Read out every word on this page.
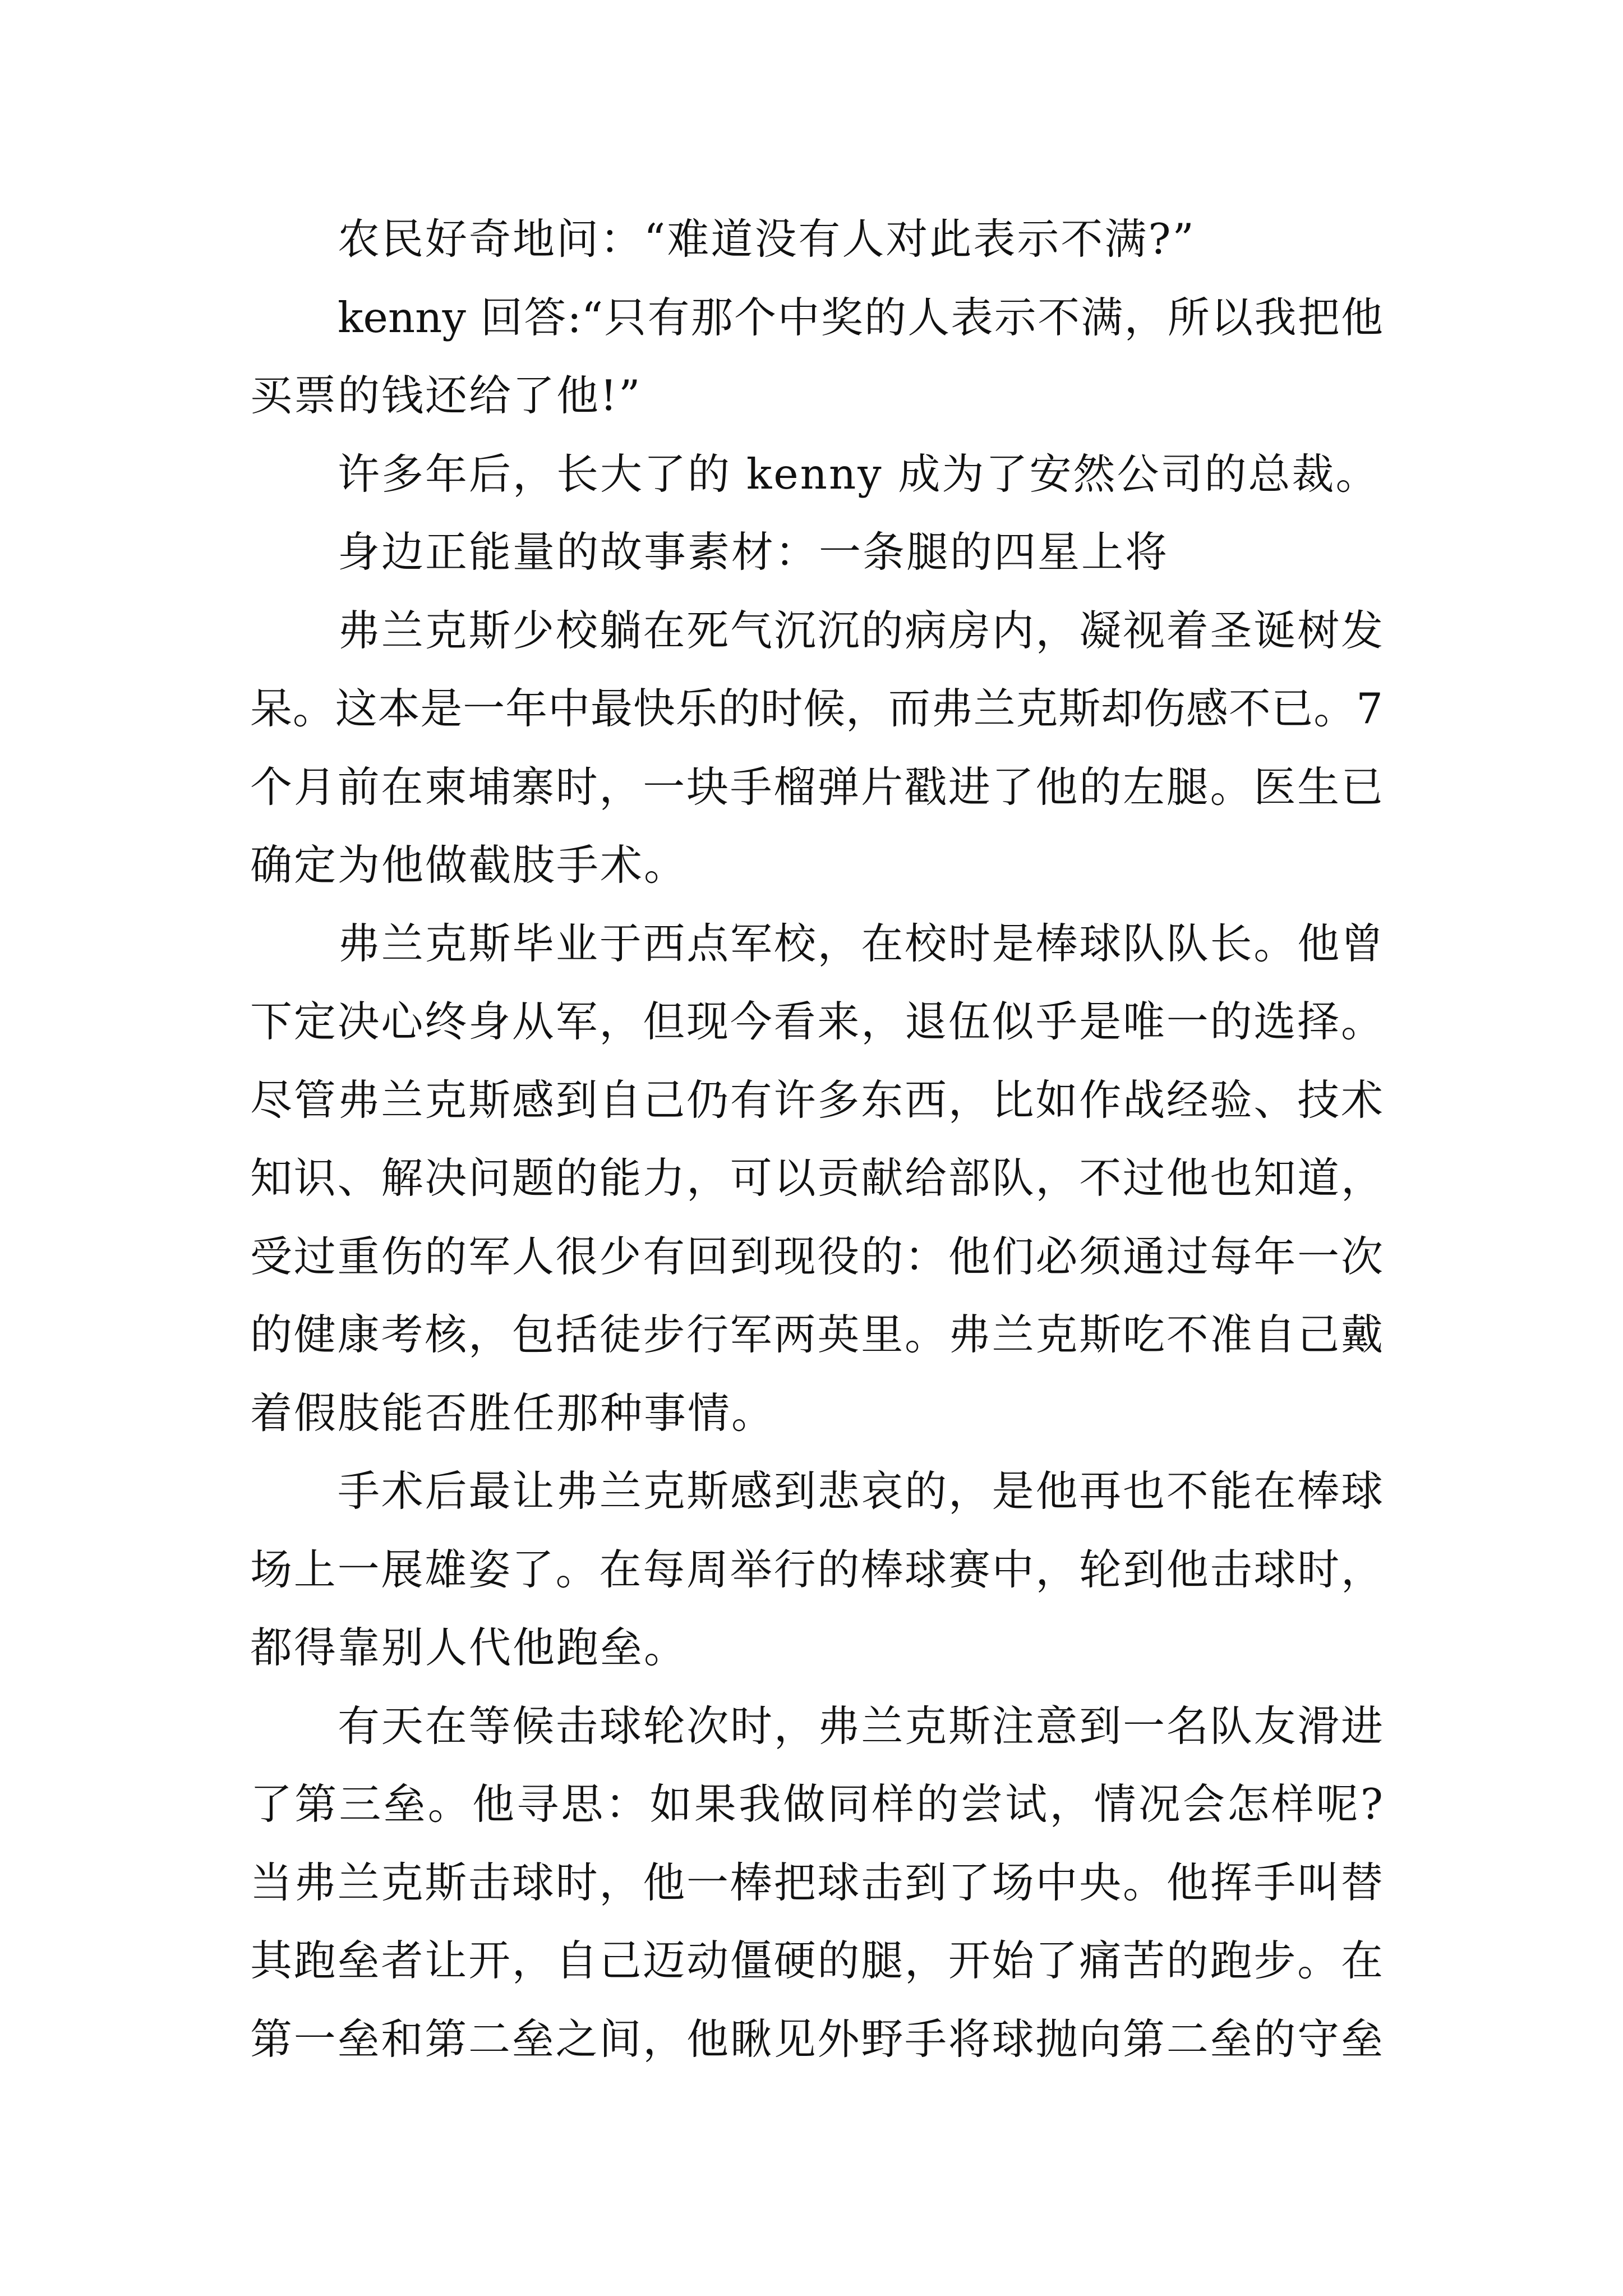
农民好奇地问：“难道没有人对此表示不满?”
kenny 回答:“只有那个中奖的人表示不满，所以我把他
买票的钱还给了他!”
许多年后，长大了的 kenny 成为了安然公司的总裁。
身边正能量的故事素材：一条腿的四星上将
弗兰克斯少校躺在死气沉沉的病房内，凝视着圣诞树发
呆。这本是一年中最快乐的时候，而弗兰克斯却伤感不已。7
个月前在柬埔寨时，一块手榴弹片戳进了他的左腿。医生已
确定为他做截肢手术。
弗兰克斯毕业于西点军校，在校时是棒球队队长。他曾
下定决心终身从军，但现今看来，退伍似乎是唯一的选择。
尽管弗兰克斯感到自己仍有许多东西，比如作战经验、技术
知识、解决问题的能力，可以贡献给部队，不过他也知道，
受过重伤的军人很少有回到现役的：他们必须通过每年一次
的健康考核，包括徒步行军两英里。弗兰克斯吃不准自己戴
着假肢能否胜任那种事情。
手术后最让弗兰克斯感到悲哀的，是他再也不能在棒球
场上一展雄姿了。在每周举行的棒球赛中，轮到他击球时，
都得靠别人代他跑垒。
有天在等候击球轮次时，弗兰克斯注意到一名队友滑进
了第三垒。他寻思：如果我做同样的尝试，情况会怎样呢?
当弗兰克斯击球时，他一棒把球击到了场中央。他挥手叫替
其跑垒者让开，自己迈动僵硬的腿，开始了痛苦的跑步。在
第一垒和第二垒之间，他瞅见外野手将球抛向第二垒的守垒
